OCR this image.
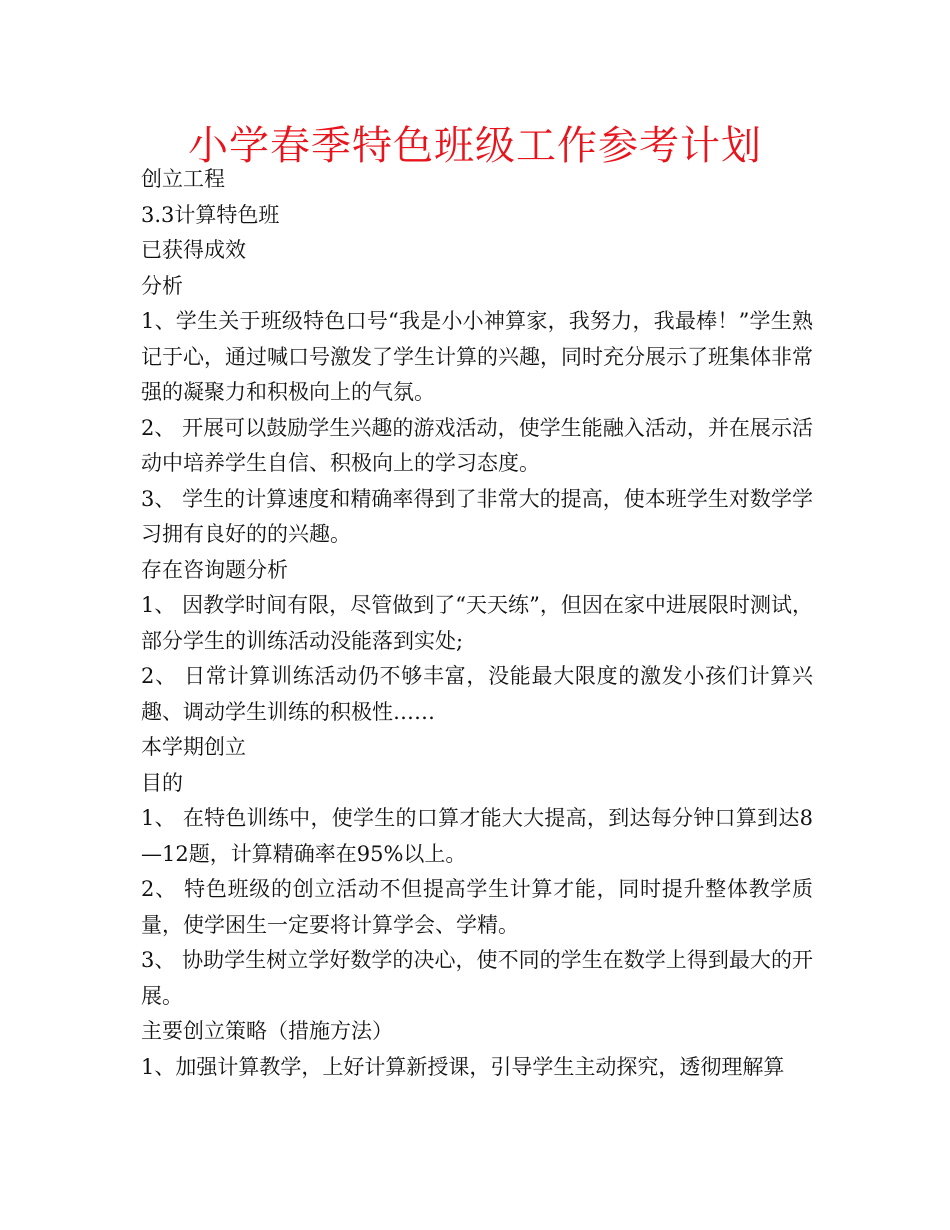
小学春季特色班级工作参考计划

创立工程

3.3计算特色班

已获得成效

分析

1、学生关于班级特色口号“我是小小神算家，我努力，我最棒！”学生熟记于心，通过喊口号激发了学生计算的兴趣，同时充分展示了班集体非常强的凝聚力和积极向上的气氛。

2、 开展可以鼓励学生兴趣的游戏活动，使学生能融入活动，并在展示活动中培养学生自信、积极向上的学习态度。

3、 学生的计算速度和精确率得到了非常大的提高，使本班学生对数学学习拥有良好的的兴趣。

存在咨询题分析

1、 因教学时间有限，尽管做到了“天天练”，但因在家中进展限时测试，部分学生的训练活动没能落到实处;

2、 日常计算训练活动仍不够丰富，没能最大限度的激发小孩们计算兴趣、调动学生训练的积极性……

本学期创立

目的

1、 在特色训练中，使学生的口算才能大大提高，到达每分钟口算到达8—12题，计算精确率在95%以上。

2、 特色班级的创立活动不但提高学生计算才能，同时提升整体教学质量，使学困生一定要将计算学会、学精。

3、 协助学生树立学好数学的决心，使不同的学生在数学上得到最大的开展。

主要创立策略（措施方法）

1、加强计算教学，上好计算新授课，引导学生主动探究，透彻理解算
